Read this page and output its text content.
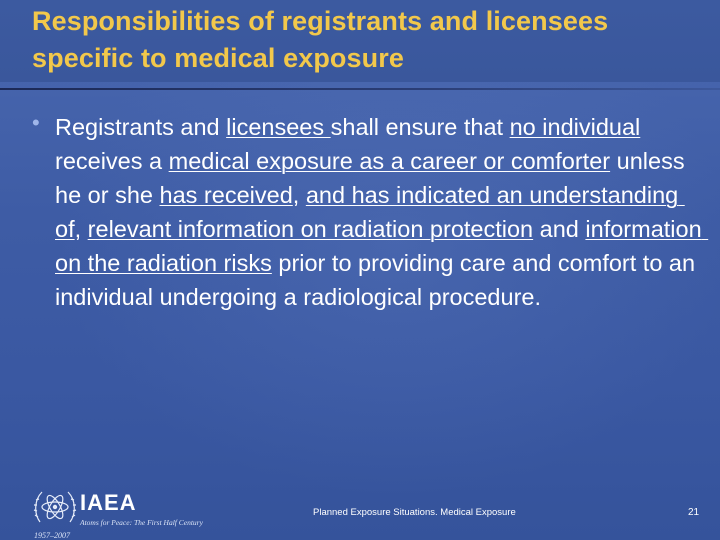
Responsibilities of registrants and licensees specific to medical exposure
• Registrants and licensees shall ensure that no individual  receives a medical exposure as a career or comforter unless he or she has received, and has indicated an understanding of, relevant information on radiation protection and information on the radiation risks prior to providing care and comfort to an individual undergoing a radiological procedure.

IAEA
Atoms for Peace: The First Half Century
1957–2007
Planned Exposure Situations. Medical Exposure	21
